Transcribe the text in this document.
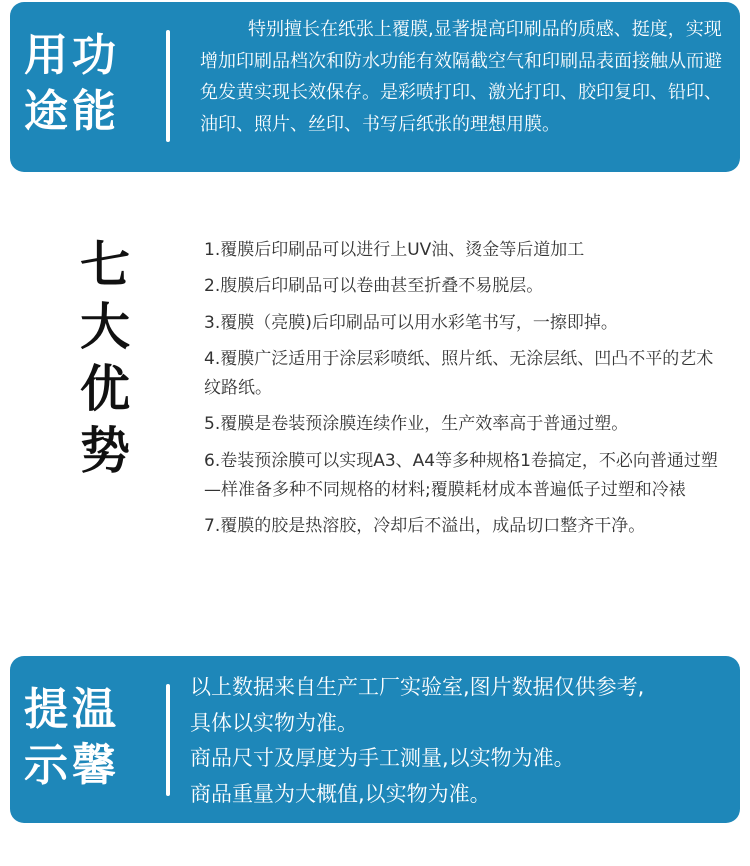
用功
途能
特别擅长在纸张上覆膜,显著提高印刷品的质感、挺度，实现增加印刷品档次和防水功能有效隔截空气和印刷品表面接触从而避免发黄实现长效保存。是彩喷打印、激光打印、胶印复印、铅印、油印、照片、丝印、书写后纸张的理想用膜。
七
大
优
势
1.覆膜后印刷品可以进行上UV油、烫金等后道加工
2.腹膜后印刷品可以卷曲甚至折叠不易脱层。
3.覆膜（亮膜)后印刷品可以用水彩笔书写，一擦即掉。
4.覆膜广泛适用于涂层彩喷纸、照片纸、无涂层纸、凹凸不平的艺术纹路纸。
5.覆膜是卷装预涂膜连续作业，生产效率高于普通过塑。
6.卷装预涂膜可以实现A3、A4等多种规格1卷搞定，不必向普通过塑—样准备多种不同规格的材料;覆膜耗材成本普遍低子过塑和冷裱
7.覆膜的胶是热溶胶，冷却后不溢出，成品切口整齐干净。
提温
示馨
以上数据来自生产工厂实验室,图片数据仅供参考,
具体以实物为准。
商品尺寸及厚度为手工测量,以实物为准。
商品重量为大概值,以实物为准。
